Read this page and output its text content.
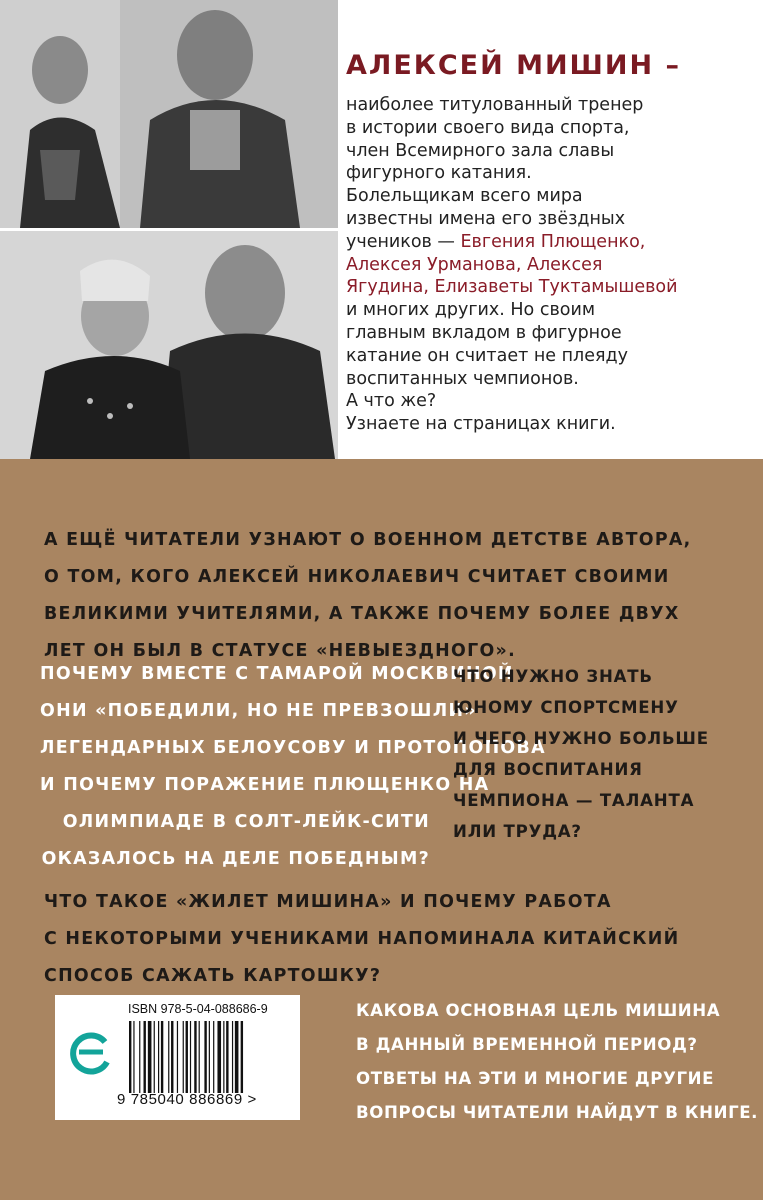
АЛЕКСЕЙ МИШИН –
наиболее титулованный тренер
в истории своего вида спорта,
член Всемирного зала славы
фигурного катания.
Болельщикам всего мира
известны имена его звёздных
учеников — Евгения Плющенко,
Алексея Урманова, Алексея
Ягудина, Елизаветы Туктамышевой
и многих других. Но своим
главным вкладом в фигурное
катание он считает не плеяду
воспитанных чемпионов.
А что же?
Узнаете на страницах книги.
А ЕЩЁ ЧИТАТЕЛИ УЗНАЮТ О ВОЕННОМ ДЕТСТВЕ АВТОРА,
О ТОМ, КОГО АЛЕКСЕЙ НИКОЛАЕВИЧ СЧИТАЕТ СВОИМИ
ВЕЛИКИМИ УЧИТЕЛЯМИ, А ТАКЖЕ ПОЧЕМУ БОЛЕЕ ДВУХ
ЛЕТ ОН БЫЛ В СТАТУСЕ «НЕВЫЕЗДНОГО».
ПОЧЕМУ ВМЕСТЕ С ТАМАРОЙ МОСКВИНОЙ
ОНИ «ПОБЕДИЛИ, НО НЕ ПРЕВЗОШЛИ»
ЛЕГЕНДАРНЫХ БЕЛОУСОВУ И ПРОТОПОПОВА
И ПОЧЕМУ ПОРАЖЕНИЕ ПЛЮЩЕНКО НА
ОЛИМПИАДЕ В СОЛТ-ЛЕЙК-СИТИ
ОКАЗАЛОСЬ НА ДЕЛЕ ПОБЕДНЫМ?
ЧТО НУЖНО ЗНАТЬ
ЮНОМУ СПОРТСМЕНУ
И ЧЕГО НУЖНО БОЛЬШЕ
ДЛЯ ВОСПИТАНИЯ
ЧЕМПИОНА — ТАЛАНТА
ИЛИ ТРУДА?
ЧТО ТАКОЕ «ЖИЛЕТ МИШИНА» И ПОЧЕМУ РАБОТА
С НЕКОТОРЫМИ УЧЕНИКАМИ НАПОМИНАЛА КИТАЙСКИЙ
СПОСОБ САЖАТЬ КАРТОШКУ?
КАКОВА ОСНОВНАЯ ЦЕЛЬ МИШИНА
В ДАННЫЙ ВРЕМЕННОЙ ПЕРИОД?
ОТВЕТЫ НА ЭТИ И МНОГИЕ ДРУГИЕ
ВОПРОСЫ ЧИТАТЕЛИ НАЙДУТ В КНИГЕ.
ISBN 978-5-04-088686-9
9 785040 886869 >
